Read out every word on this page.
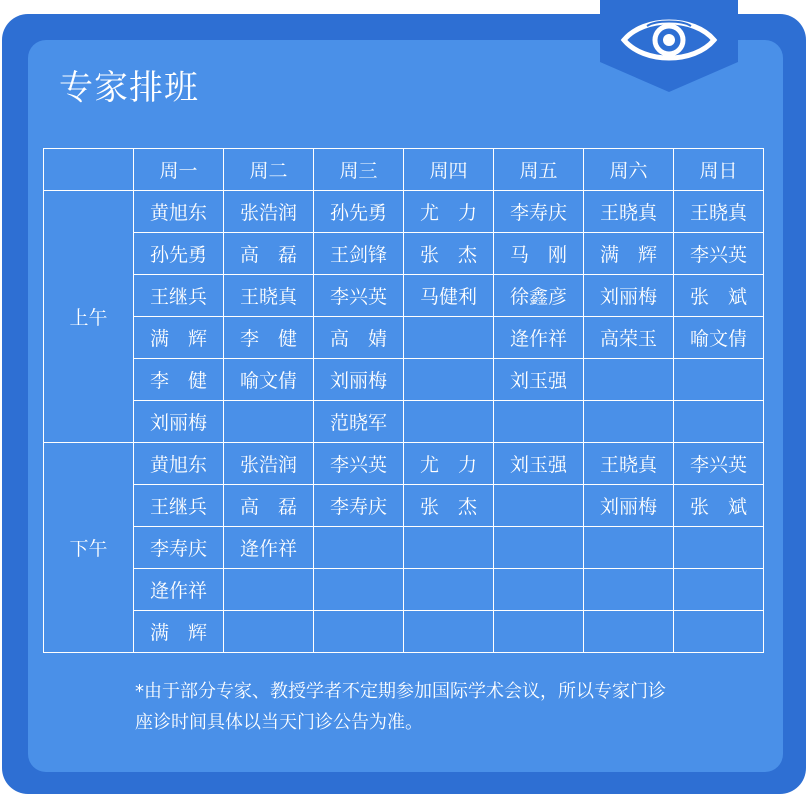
专家排班
	周一	周二	周三	周四	周五	周六	周日
上午	黄旭东	张浩润	孙先勇	尤　力	李寿庆	王晓真	王晓真
	孙先勇	高　磊	王剑锋	张　杰	马　刚	满　辉	李兴英
	王继兵	王晓真	李兴英	马健利	徐鑫彦	刘丽梅	张　斌
	满　辉	李　健	高　婧		逄作祥	高荣玉	喻文倩
	李　健	喻文倩	刘丽梅		刘玉强		
	刘丽梅		范晓军				
下午	黄旭东	张浩润	李兴英	尤　力	刘玉强	王晓真	李兴英
	王继兵	高　磊	李寿庆	张　杰		刘丽梅	张　斌
	李寿庆	逄作祥					
	逄作祥						
	满　辉						
*由于部分专家、教授学者不定期参加国际学术会议，所以专家门诊
座诊时间具体以当天门诊公告为准。
